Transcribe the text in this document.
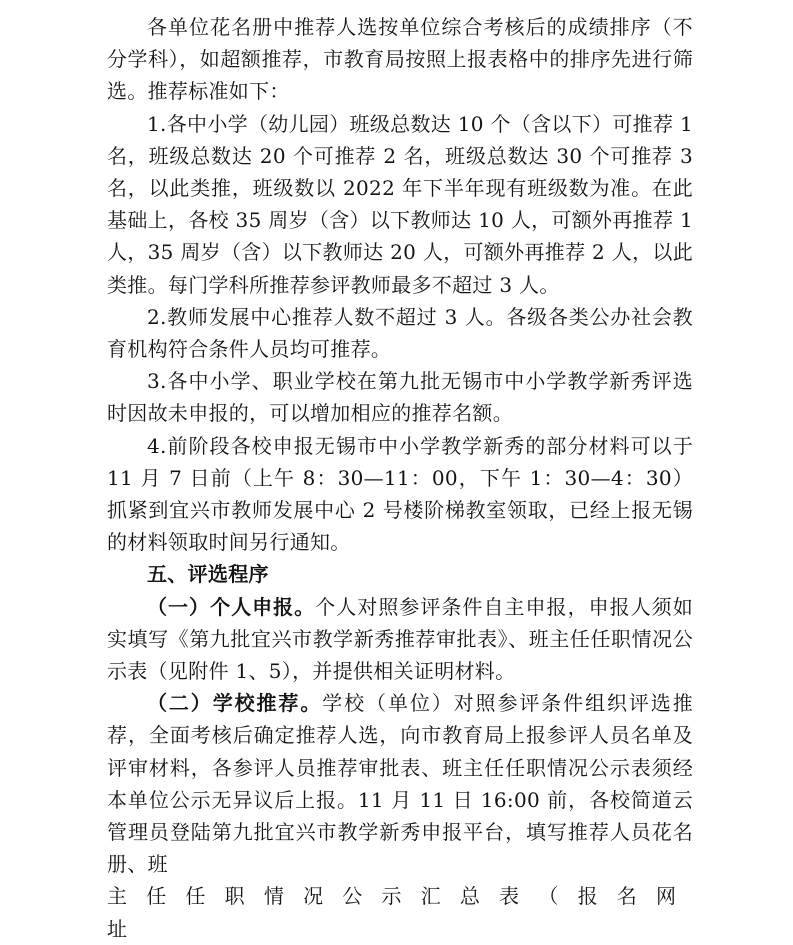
各单位花名册中推荐人选按单位综合考核后的成绩排序（不分学科），如超额推荐，市教育局按照上报表格中的排序先进行筛选。推荐标准如下：

1.各中小学（幼儿园）班级总数达 10 个（含以下）可推荐 1 名，班级总数达 20 个可推荐 2 名，班级总数达 30 个可推荐 3 名，以此类推，班级数以 2022 年下半年现有班级数为准。在此基础上，各校 35 周岁（含）以下教师达 10 人，可额外再推荐 1 人，35 周岁（含）以下教师达 20 人，可额外再推荐 2 人，以此类推。每门学科所推荐参评教师最多不超过 3 人。

2.教师发展中心推荐人数不超过 3 人。各级各类公办社会教育机构符合条件人员均可推荐。

3.各中小学、职业学校在第九批无锡市中小学教学新秀评选时因故未申报的，可以增加相应的推荐名额。

4.前阶段各校申报无锡市中小学教学新秀的部分材料可以于 11 月 7 日前（上午 8：30—11：00，下午 1：30—4：30）抓紧到宜兴市教师发展中心 2 号楼阶梯教室领取，已经上报无锡的材料领取时间另行通知。

五、评选程序

（一）个人申报。个人对照参评条件自主申报，申报人须如实填写《第九批宜兴市教学新秀推荐审批表》、班主任任职情况公示表（见附件 1、5），并提供相关证明材料。

（二）学校推荐。学校（单位）对照参评条件组织评选推荐，全面考核后确定推荐人选，向市教育局上报参评人员名单及评审材料，各参评人员推荐审批表、班主任任职情况公示表须经本单位公示无异议后上报。11 月 11 日 16:00 前，各校简道云管理员登陆第九批宜兴市教学新秀申报平台，填写推荐人员花名册、班

主任任职情况公示汇总表（报名网址
